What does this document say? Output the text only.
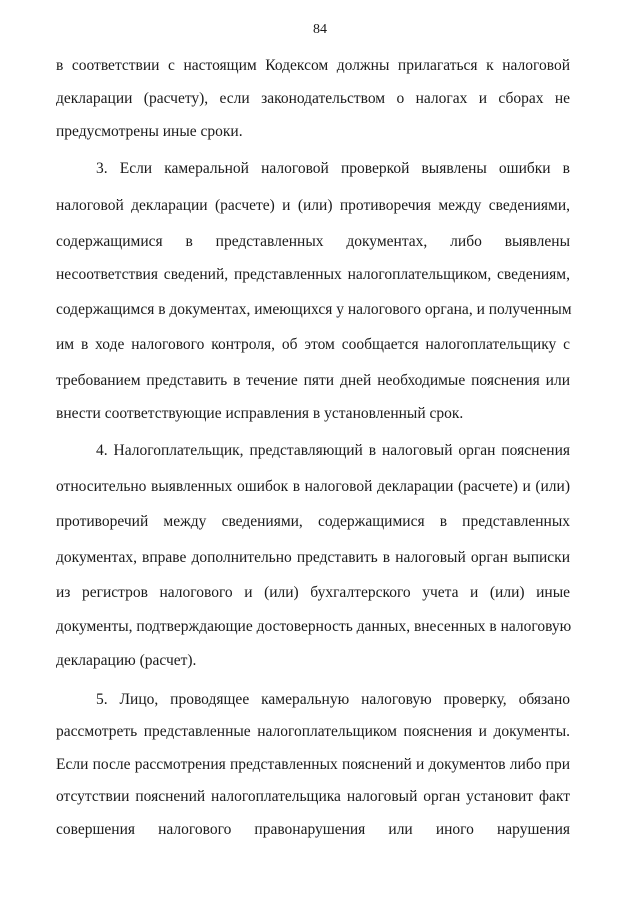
84
в соответствии с настоящим Кодексом должны прилагаться к налоговой
декларации (расчету), если законодательством о налогах и сборах не
предусмотрены иные сроки.
3. Если камеральной налоговой проверкой выявлены ошибки в
налоговой декларации (расчете) и (или) противоречия между сведениями,
содержащимися в представленных документах, либо выявлены
несоответствия сведений, представленных налогоплательщиком, сведениям,
содержащимся в документах, имеющихся у налогового органа, и полученным
им в ходе налогового контроля, об этом сообщается налогоплательщику с
требованием представить в течение пяти дней необходимые пояснения или
внести соответствующие исправления в установленный срок.
4. Налогоплательщик, представляющий в налоговый орган пояснения
относительно выявленных ошибок в налоговой декларации (расчете) и (или)
противоречий между сведениями, содержащимися в представленных
документах, вправе дополнительно представить в налоговый орган выписки
из регистров налогового и (или) бухгалтерского учета и (или) иные
документы, подтверждающие достоверность данных, внесенных в налоговую
декларацию (расчет).
5. Лицо, проводящее камеральную налоговую проверку, обязано
рассмотреть представленные налогоплательщиком пояснения и документы.
Если после рассмотрения представленных пояснений и документов либо при
отсутствии пояснений налогоплательщика налоговый орган установит факт
совершения налогового правонарушения или иного нарушения
